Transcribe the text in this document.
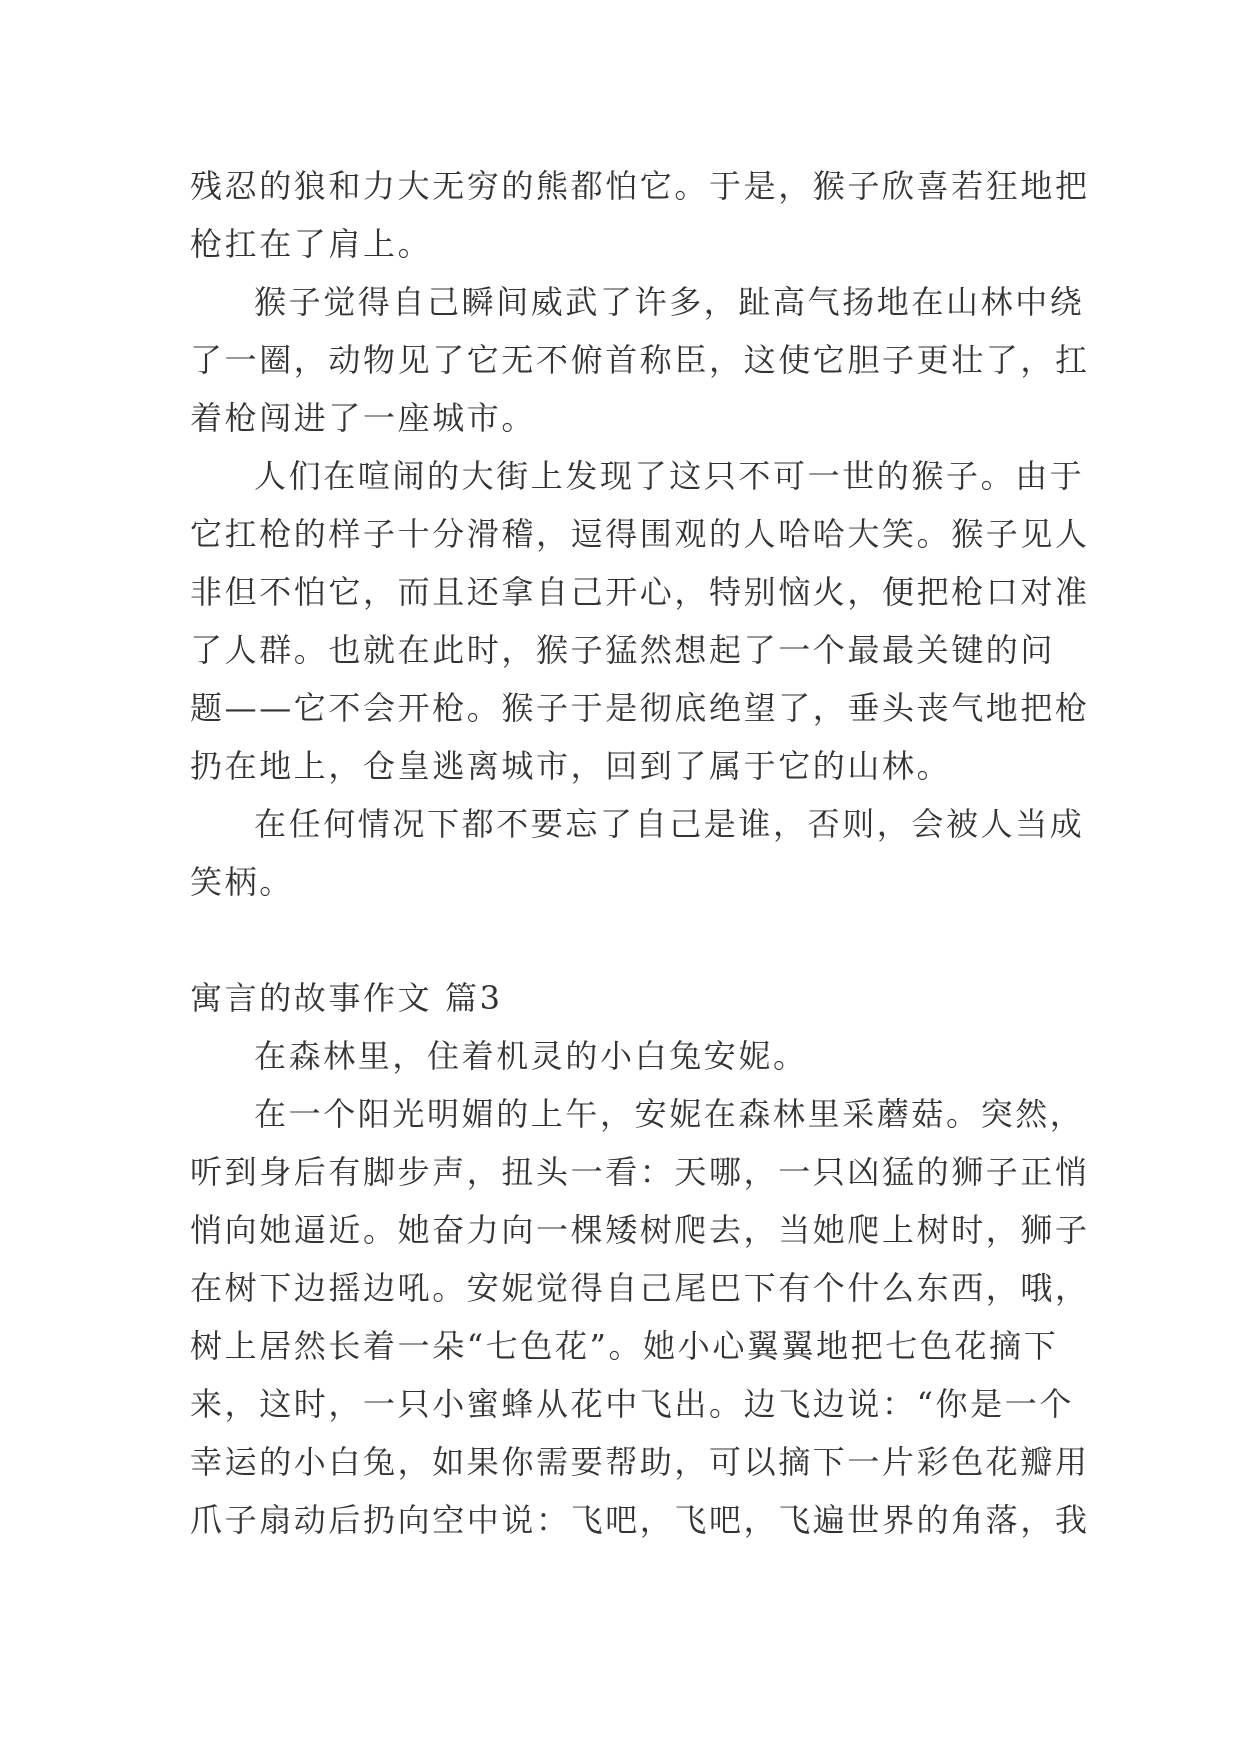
残忍的狼和力大无穷的熊都怕它。于是，猴子欣喜若狂地把
枪扛在了肩上。
猴子觉得自己瞬间威武了许多，趾高气扬地在山林中绕
了一圈，动物见了它无不俯首称臣，这使它胆子更壮了，扛
着枪闯进了一座城市。
人们在喧闹的大街上发现了这只不可一世的猴子。由于
它扛枪的样子十分滑稽，逗得围观的人哈哈大笑。猴子见人
非但不怕它，而且还拿自己开心，特别恼火，便把枪口对准
了人群。也就在此时，猴子猛然想起了一个最最关键的问
题——它不会开枪。猴子于是彻底绝望了，垂头丧气地把枪
扔在地上，仓皇逃离城市，回到了属于它的山林。
在任何情况下都不要忘了自己是谁，否则，会被人当成
笑柄。
寓言的故事作文 篇3
在森林里，住着机灵的小白兔安妮。
在一个阳光明媚的上午，安妮在森林里采蘑菇。突然，
听到身后有脚步声，扭头一看：天哪，一只凶猛的狮子正悄
悄向她逼近。她奋力向一棵矮树爬去，当她爬上树时，狮子
在树下边摇边吼。安妮觉得自己尾巴下有个什么东西，哦，
树上居然长着一朵“七色花”。她小心翼翼地把七色花摘下
来，这时，一只小蜜蜂从花中飞出。边飞边说：“你是一个
幸运的小白兔，如果你需要帮助，可以摘下一片彩色花瓣用
爪子扇动后扔向空中说：飞吧，飞吧，飞遍世界的角落，我
